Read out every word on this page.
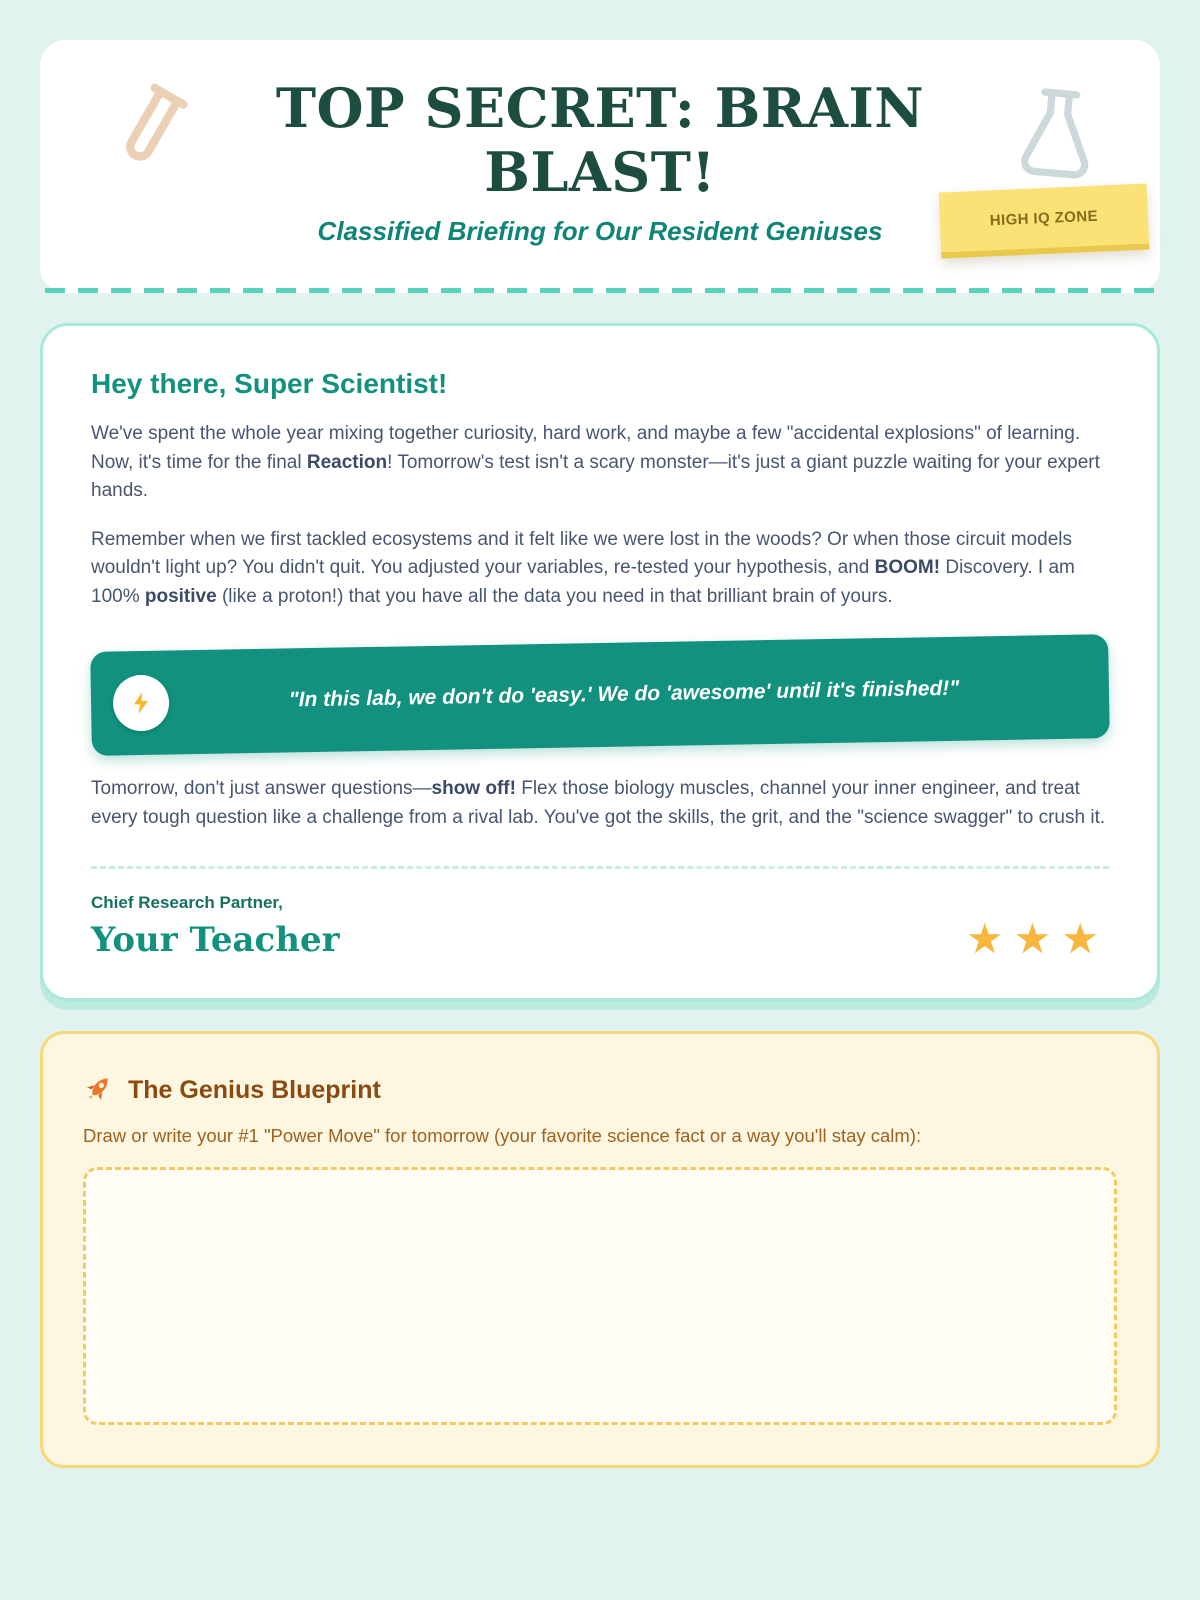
TOP SECRET: BRAIN BLAST!

Classified Briefing for Our Resident Geniuses	HIGH IQ ZONE
Hey there, Super Scientist!

We've spent the whole year mixing together curiosity, hard work, and maybe a few "accidental explosions" of learning. Now, it's time for the final Reaction! Tomorrow's test isn't a scary monster—it's just a giant puzzle waiting for your expert hands.

Remember when we first tackled ecosystems and it felt like we were lost in the woods? Or when those circuit models wouldn't light up? You didn't quit. You adjusted your variables, re-tested your hypothesis, and BOOM! Discovery. I am 100% positive (like a proton!) that you have all the data you need in that brilliant brain of yours.

"In this lab, we don't do 'easy.' We do 'awesome' until it's finished!"

Tomorrow, don't just answer questions—show off! Flex those biology muscles, channel your inner engineer, and treat every tough question like a challenge from a rival lab. You've got the skills, the grit, and the "science swagger" to crush it.

Chief Research Partner,
Your Teacher	★★★
The Genius Blueprint

Draw or write your #1 "Power Move" for tomorrow (your favorite science fact or a way you'll stay calm):
